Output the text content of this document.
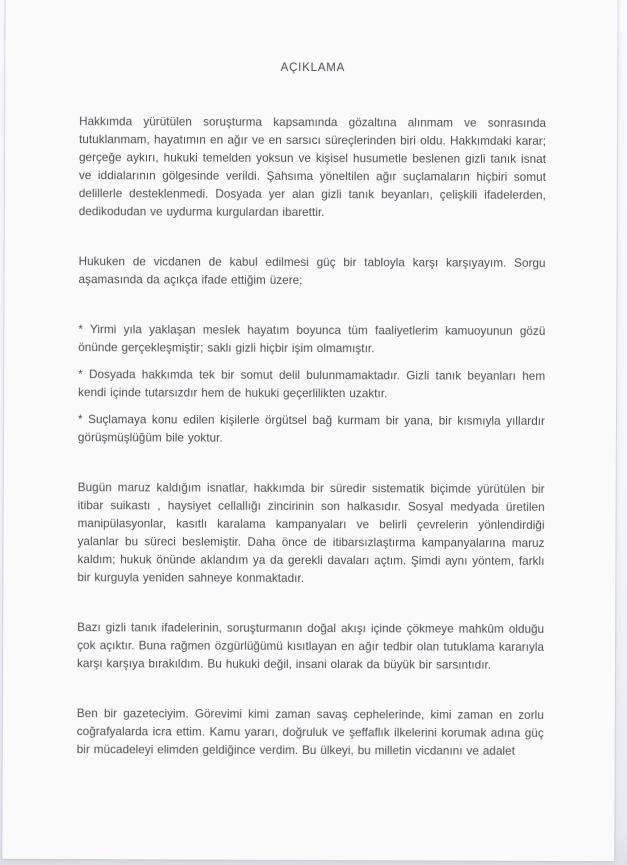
AÇIKLAMA

Hakkımda yürütülen soruşturma kapsamında gözaltına alınmam ve sonrasında tutuklanmam, hayatımın en ağır ve en sarsıcı süreçlerinden biri oldu. Hakkımdaki karar; gerçeğe aykırı, hukuki temelden yoksun ve kişisel husumetle beslenen gizli tanık isnat ve iddialarının gölgesinde verildi. Şahsıma yöneltilen ağır suçlamaların hiçbiri somut delillerle desteklenmedi. Dosyada yer alan gizli tanık beyanları, çelişkili ifadelerden, dedikodudan ve uydurma kurgulardan ibarettir.

Hukuken de vicdanen de kabul edilmesi güç bir tabloyla karşı karşıyayım. Sorgu aşamasında da açıkça ifade ettiğim üzere;

* Yirmi yıla yaklaşan meslek hayatım boyunca tüm faaliyetlerim kamuoyunun gözü önünde gerçekleşmiştir; saklı gizli hiçbir işim olmamıştır.

* Dosyada hakkımda tek bir somut delil bulunmamaktadır. Gizli tanık beyanları hem kendi içinde tutarsızdır hem de hukuki geçerlilikten uzaktır.

* Suçlamaya konu edilen kişilerle örgütsel bağ kurmam bir yana, bir kısmıyla yıllardır görüşmüşlüğüm bile yoktur.

Bugün maruz kaldığım isnatlar, hakkımda bir süredir sistematik biçimde yürütülen bir itibar suikastı , haysiyet cellallığı zincirinin son halkasıdır. Sosyal medyada üretilen manipülasyonlar, kasıtlı karalama kampanyaları ve belirli çevrelerin yönlendirdiği yalanlar bu süreci beslemiştir. Daha önce de itibarsızlaştırma kampanyalarına maruz kaldım; hukuk önünde aklandım ya da gerekli davaları açtım. Şimdi aynı yöntem, farklı bir kurguyla yeniden sahneye konmaktadır.

Bazı gizli tanık ifadelerinin, soruşturmanın doğal akışı içinde çökmeye mahkûm olduğu çok açıktır. Buna rağmen özgürlüğümü kısıtlayan en ağır tedbir olan tutuklama kararıyla karşı karşıya bırakıldım. Bu hukuki değil, insani olarak da büyük bir sarsıntıdır.

Ben bir gazeteciyim. Görevimi kimi zaman savaş cephelerinde, kimi zaman en zorlu coğrafyalarda icra ettim. Kamu yararı, doğruluk ve şeffaflık ilkelerini korumak adına güç bir mücadeleyi elimden geldiğince verdim. Bu ülkeyi, bu milletin vicdanını ve adalet
